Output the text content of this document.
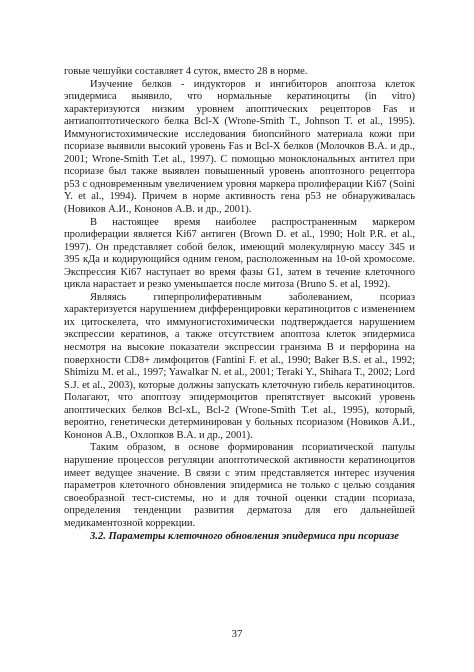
говые чешуйки составляет 4 суток, вместо 28 в норме.

Изучение белков - индукторов и ингибиторов апоптоза клеток эпидермиса выявило, что нормальные кератиноциты (in vitro) характеризуются низким уровнем апоптических рецепторов Fas и антиапоптотического белка Bcl-X (Wrone-Smith T., Johnson T. et al., 1995). Иммуногистохимические исследования биопсийного материала кожи при псориазе выявили высокий уровень Fas и Bcl-X белков (Молочков В.А. и др., 2001; Wrone-Smith T.et al., 1997). С помощью моноклональных антител при псориазе был также выявлен повышенный уровень апоптозного рецептора p53 с одновременным увеличением уровня маркера пролиферации Ki67 (Soini Y. et al., 1994). Причем в норме активность гена p53 не обнаруживалась (Новиков А.И., Кононов А.В. и др., 2001).

В настоящее время наиболее распространенным маркером пролиферации является Ki67 антиген (Brown D. et al., 1990; Holt P.R. et al., 1997). Он представляет собой белок, имеющий молекулярную массу 345 и 395 кДа и кодирующийся одним геном, расположенным на 10-ой хромосоме. Экспрессия Ki67 наступает во время фазы G1, затем в течение клеточного цикла нарастает и резко уменьшается после митоза (Bruno S. et al, 1992).

Являясь гиперпролиферативным заболеванием, псориаз характеризуется нарушением дифференцировки кератиноцитов с изменением их цитоскелета, что иммуногистохимически подтверждается нарушением экспрессии кератинов, а также отсутствием апоптоза клеток эпидермиса несмотря на высокие показатели экспрессии гранзима B и перфорина на поверхности CD8+ лимфоцитов (Fantini F. et al., 1990; Baker B.S. et al., 1992; Shimizu M. et al., 1997; Yawalkar N. et al., 2001; Teraki Y., Shihara T., 2002; Lord S.J. et al., 2003), которые должны запускать клеточную гибель кератиноцитов. Полагают, что апоптозу эпидермоцитов препятствует высокий уровень апоптических белков Bcl-xL, Bcl-2 (Wrone-Smith T.et al., 1995), который, вероятно, генетически детерминирован у больных псориазом (Новиков А.И., Кононов А.В., Охлопков В.А. и др., 2001).

Таким образом, в основе формирования псориатической папулы нарушение процессов регуляции апоптотической активности кератиноцитов имеет ведущее значение. В связи с этим представляется интерес изучения параметров клеточного обновления эпидермиса не только с целью создания своеобразной тест-системы, но и для точной оценки стадии псориаза, определения тенденции развития дерматоза для его дальнейшей медикаментозной коррекции.

3.2. Параметры клеточного обновления эпидермиса при псориазе

37
